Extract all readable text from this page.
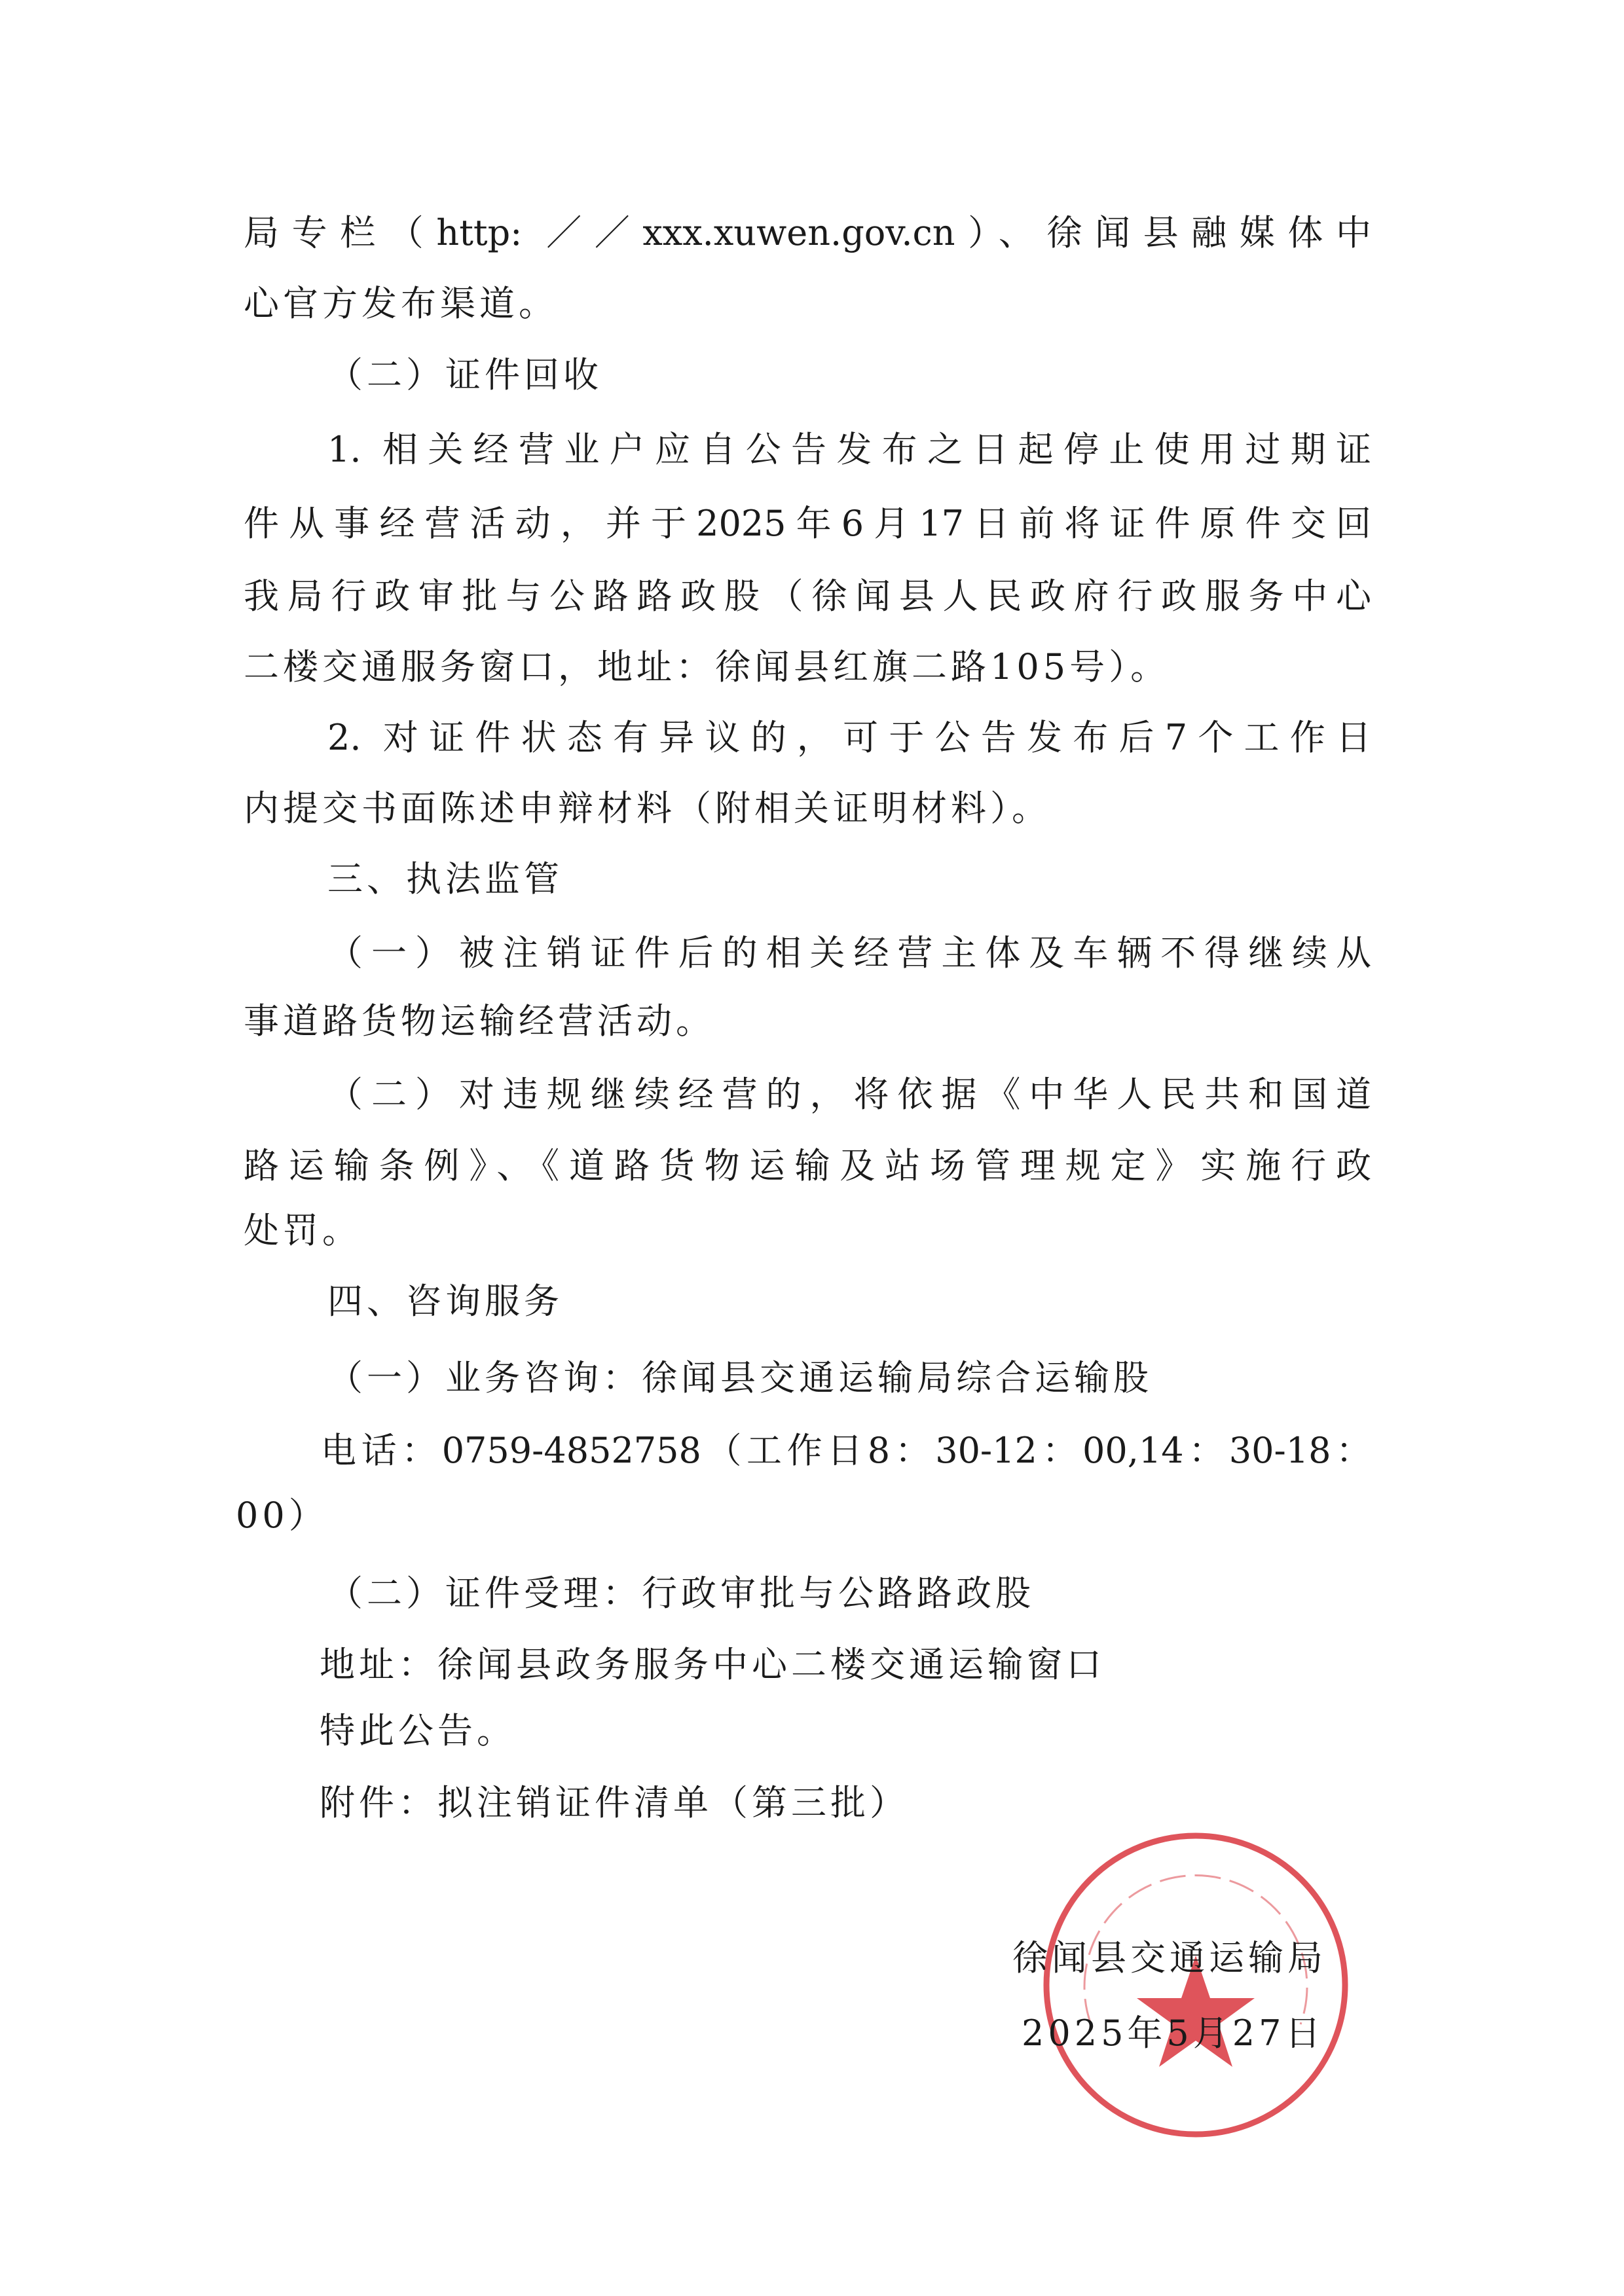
局专栏（http: ／／xxx.xuwen.gov.cn）、徐闻县融媒体中
心官方发布渠道。
（二）证件回收
1. 相关经营业户应自公告发布之日起停止使用过期证
件从事经营活动，并于2025年6月17日前将证件原件交回
我局行政审批与公路路政股（徐闻县人民政府行政服务中心
二楼交通服务窗口，地址：徐闻县红旗二路105号）。
2. 对证件状态有异议的，可于公告发布后7个工作日
内提交书面陈述申辩材料（附相关证明材料）。
三、执法监管
（一）被注销证件后的相关经营主体及车辆不得继续从
事道路货物运输经营活动。
（二）对违规继续经营的，将依据《中华人民共和国道
路运输条例》、《道路货物运输及站场管理规定》实施行政
处罚。
四、咨询服务
（一）业务咨询：徐闻县交通运输局综合运输股
电话：0759-4852758（工作日8：30-12：00,14：30-18：
00）
（二）证件受理：行政审批与公路路政股
地址：徐闻县政务服务中心二楼交通运输窗口
特此公告。
附件：拟注销证件清单（第三批）
徐闻县交通运输局
2025年5月27日
